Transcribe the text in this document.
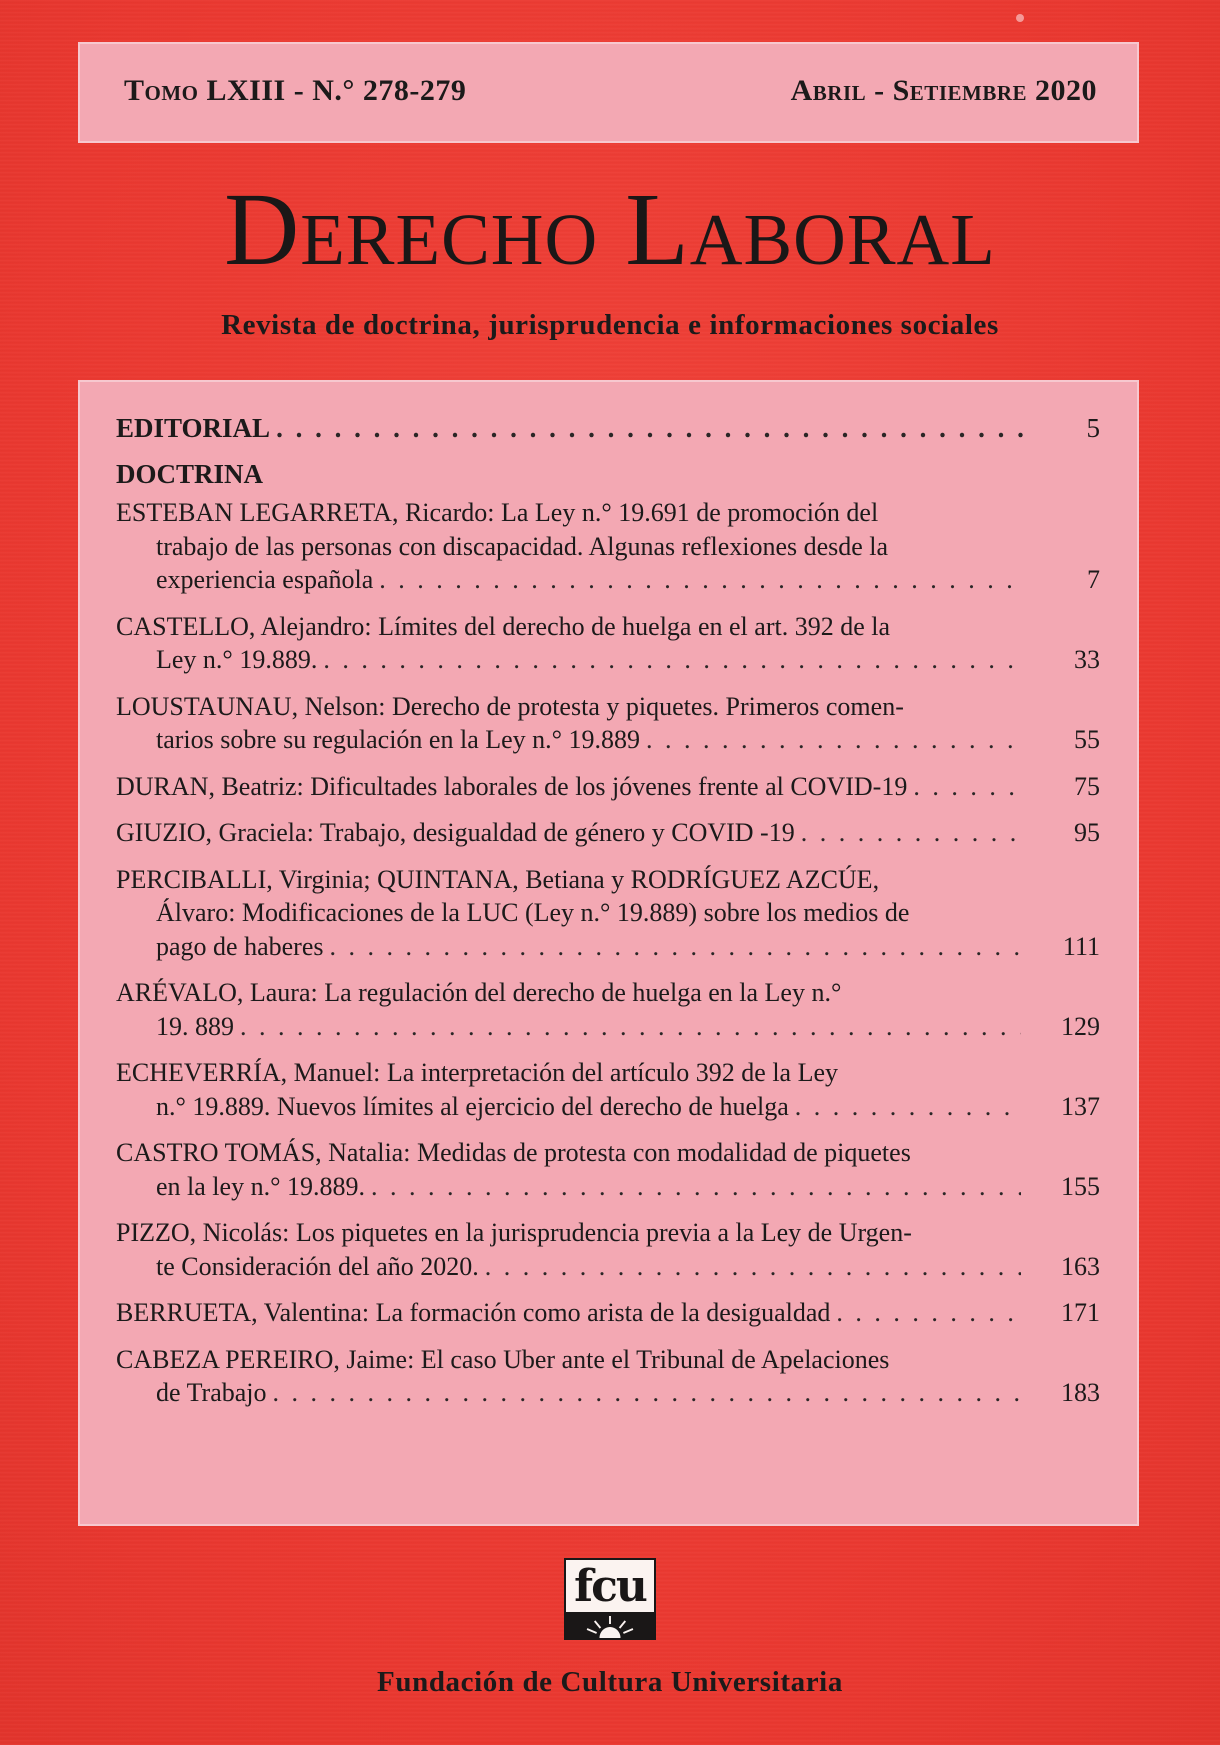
Tomo LXIII - N.° 278-279	Abril - Setiembre 2020
Derecho Laboral
Revista de doctrina, jurisprudencia e informaciones sociales
EDITORIAL . . .	5
DOCTRINA
ESTEBAN LEGARRETA, Ricardo: La Ley n.° 19.691 de promoción del
trabajo de las personas con discapacidad. Algunas reflexiones desde la
experiencia española . . .	7
CASTELLO, Alejandro: Límites del derecho de huelga en el art. 392 de la
Ley n.° 19.889. . . .	33
LOUSTAUNAU, Nelson: Derecho de protesta y piquetes. Primeros comen-
tarios sobre su regulación en la Ley n.° 19.889 . . .	55
DURAN, Beatriz: Dificultades laborales de los jóvenes frente al COVID-19 . . .	75
GIUZIO, Graciela: Trabajo, desigualdad de género y COVID -19 . . .	95
PERCIBALLI, Virginia; QUINTANA, Betiana y RODRÍGUEZ AZCÚE,
Álvaro: Modificaciones de la LUC (Ley n.° 19.889) sobre los medios de
pago de haberes . . .	111
ARÉVALO, Laura: La regulación del derecho de huelga en la Ley n.°
19. 889 . . .	129
ECHEVERRÍA, Manuel: La interpretación del artículo 392 de la Ley
n.° 19.889. Nuevos límites al ejercicio del derecho de huelga . . .	137
CASTRO TOMÁS, Natalia: Medidas de protesta con modalidad de piquetes
en la ley n.° 19.889. . . .	155
PIZZO, Nicolás: Los piquetes en la jurisprudencia previa a la Ley de Urgen-
te Consideración del año 2020. . . .	163
BERRUETA, Valentina: La formación como arista de la desigualdad . . .	171
CABEZA PEREIRO, Jaime: El caso Uber ante el Tribunal de Apelaciones
de Trabajo . . .	183
fcu
Fundación de Cultura Universitaria
